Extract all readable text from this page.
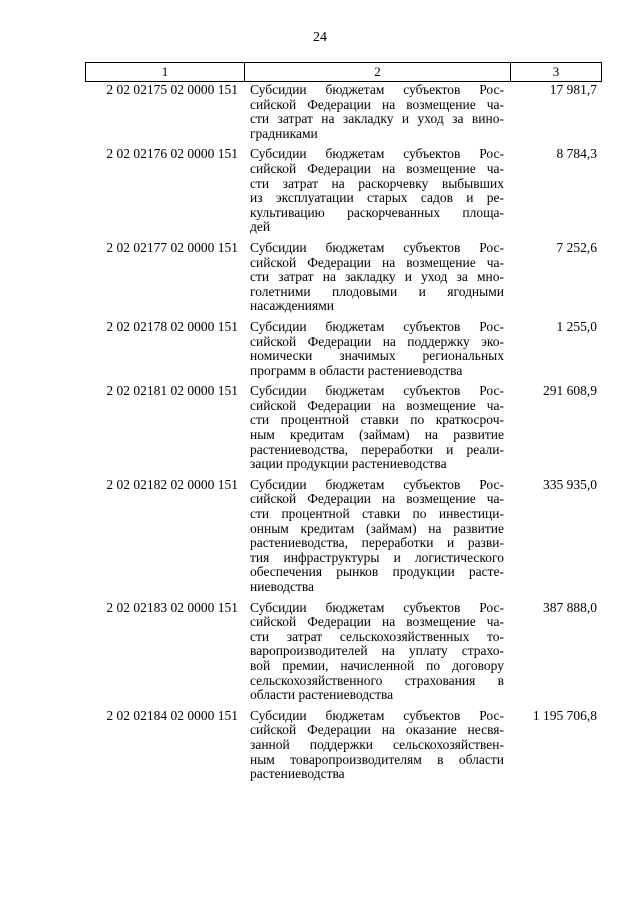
24
1	2	3
2 02 02175 02 0000 151 Субсидии бюджетам субъектов Рос-
сийской Федерации на возмещение ча-
сти затрат на закладку и уход за вино-
градниками
17 981,7
2 02 02176 02 0000 151 Субсидии бюджетам субъектов Рос-
сийской Федерации на возмещение ча-
сти затрат на раскорчевку выбывших
из эксплуатации старых садов и ре-
культивацию раскорчеванных площа-
дей
8 784,3
2 02 02177 02 0000 151 Субсидии бюджетам субъектов Рос-
сийской Федерации на возмещение ча-
сти затрат на закладку и уход за мно-
голетними плодовыми и ягодными
насаждениями
7 252,6
2 02 02178 02 0000 151 Субсидии бюджетам субъектов Рос-
сийской Федерации на поддержку эко-
номически значимых региональных
программ в области растениеводства
1 255,0
2 02 02181 02 0000 151 Субсидии бюджетам субъектов Рос-
сийской Федерации на возмещение ча-
сти процентной ставки по краткосроч-
ным кредитам (займам) на развитие
растениеводства, переработки и реали-
зации продукции растениеводства
291 608,9
2 02 02182 02 0000 151 Субсидии бюджетам субъектов Рос-
сийской Федерации на возмещение ча-
сти процентной ставки по инвестици-
онным кредитам (займам) на развитие
растениеводства, переработки и разви-
тия инфраструктуры и логистического
обеспечения рынков продукции расте-
ниеводства
335 935,0
2 02 02183 02 0000 151 Субсидии бюджетам субъектов Рос-
сийской Федерации на возмещение ча-
сти затрат сельскохозяйственных то-
варопроизводителей на уплату страхо-
вой премии, начисленной по договору
сельскохозяйственного страхования в
области растениеводства
387 888,0
2 02 02184 02 0000 151 Субсидии бюджетам субъектов Рос-
сийской Федерации на оказание несвя-
занной поддержки сельскохозяйствен-
ным товаропроизводителям в области
растениеводства
1 195 706,8
